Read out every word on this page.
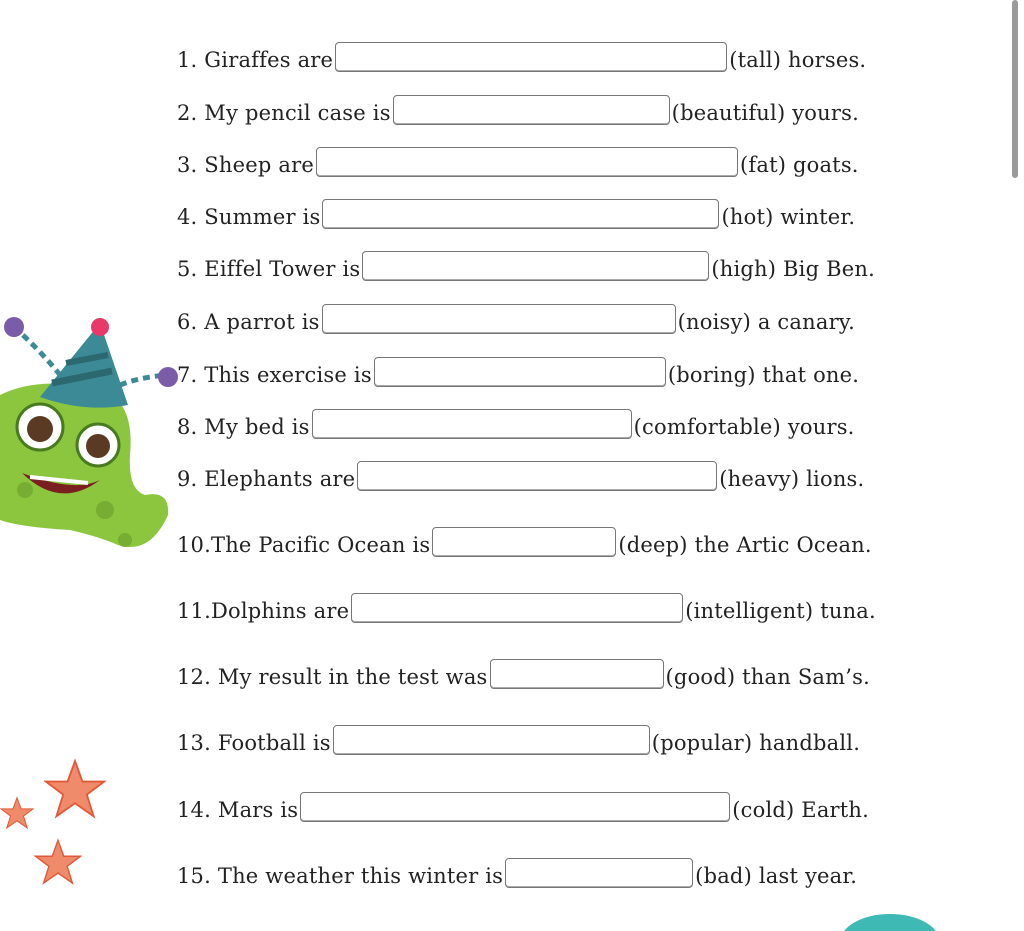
1. Giraffes are	(tall) horses.
2. My pencil case is	(beautiful) yours.
3. Sheep are	(fat) goats.
4. Summer is	(hot) winter.
5. Eiffel Tower is	(high) Big Ben.
6. A parrot is	(noisy) a canary.
7. This exercise is	(boring) that one.
8. My bed is	(comfortable) yours.
9. Elephants are	(heavy) lions.
10.The Pacific Ocean is	(deep) the Artic Ocean.
11.Dolphins are	(intelligent) tuna.
12. My result in the test was	(good) than Sam’s.
13. Football is	(popular) handball.
14. Mars is	(cold) Earth.
15. The weather this winter is	(bad) last year.
